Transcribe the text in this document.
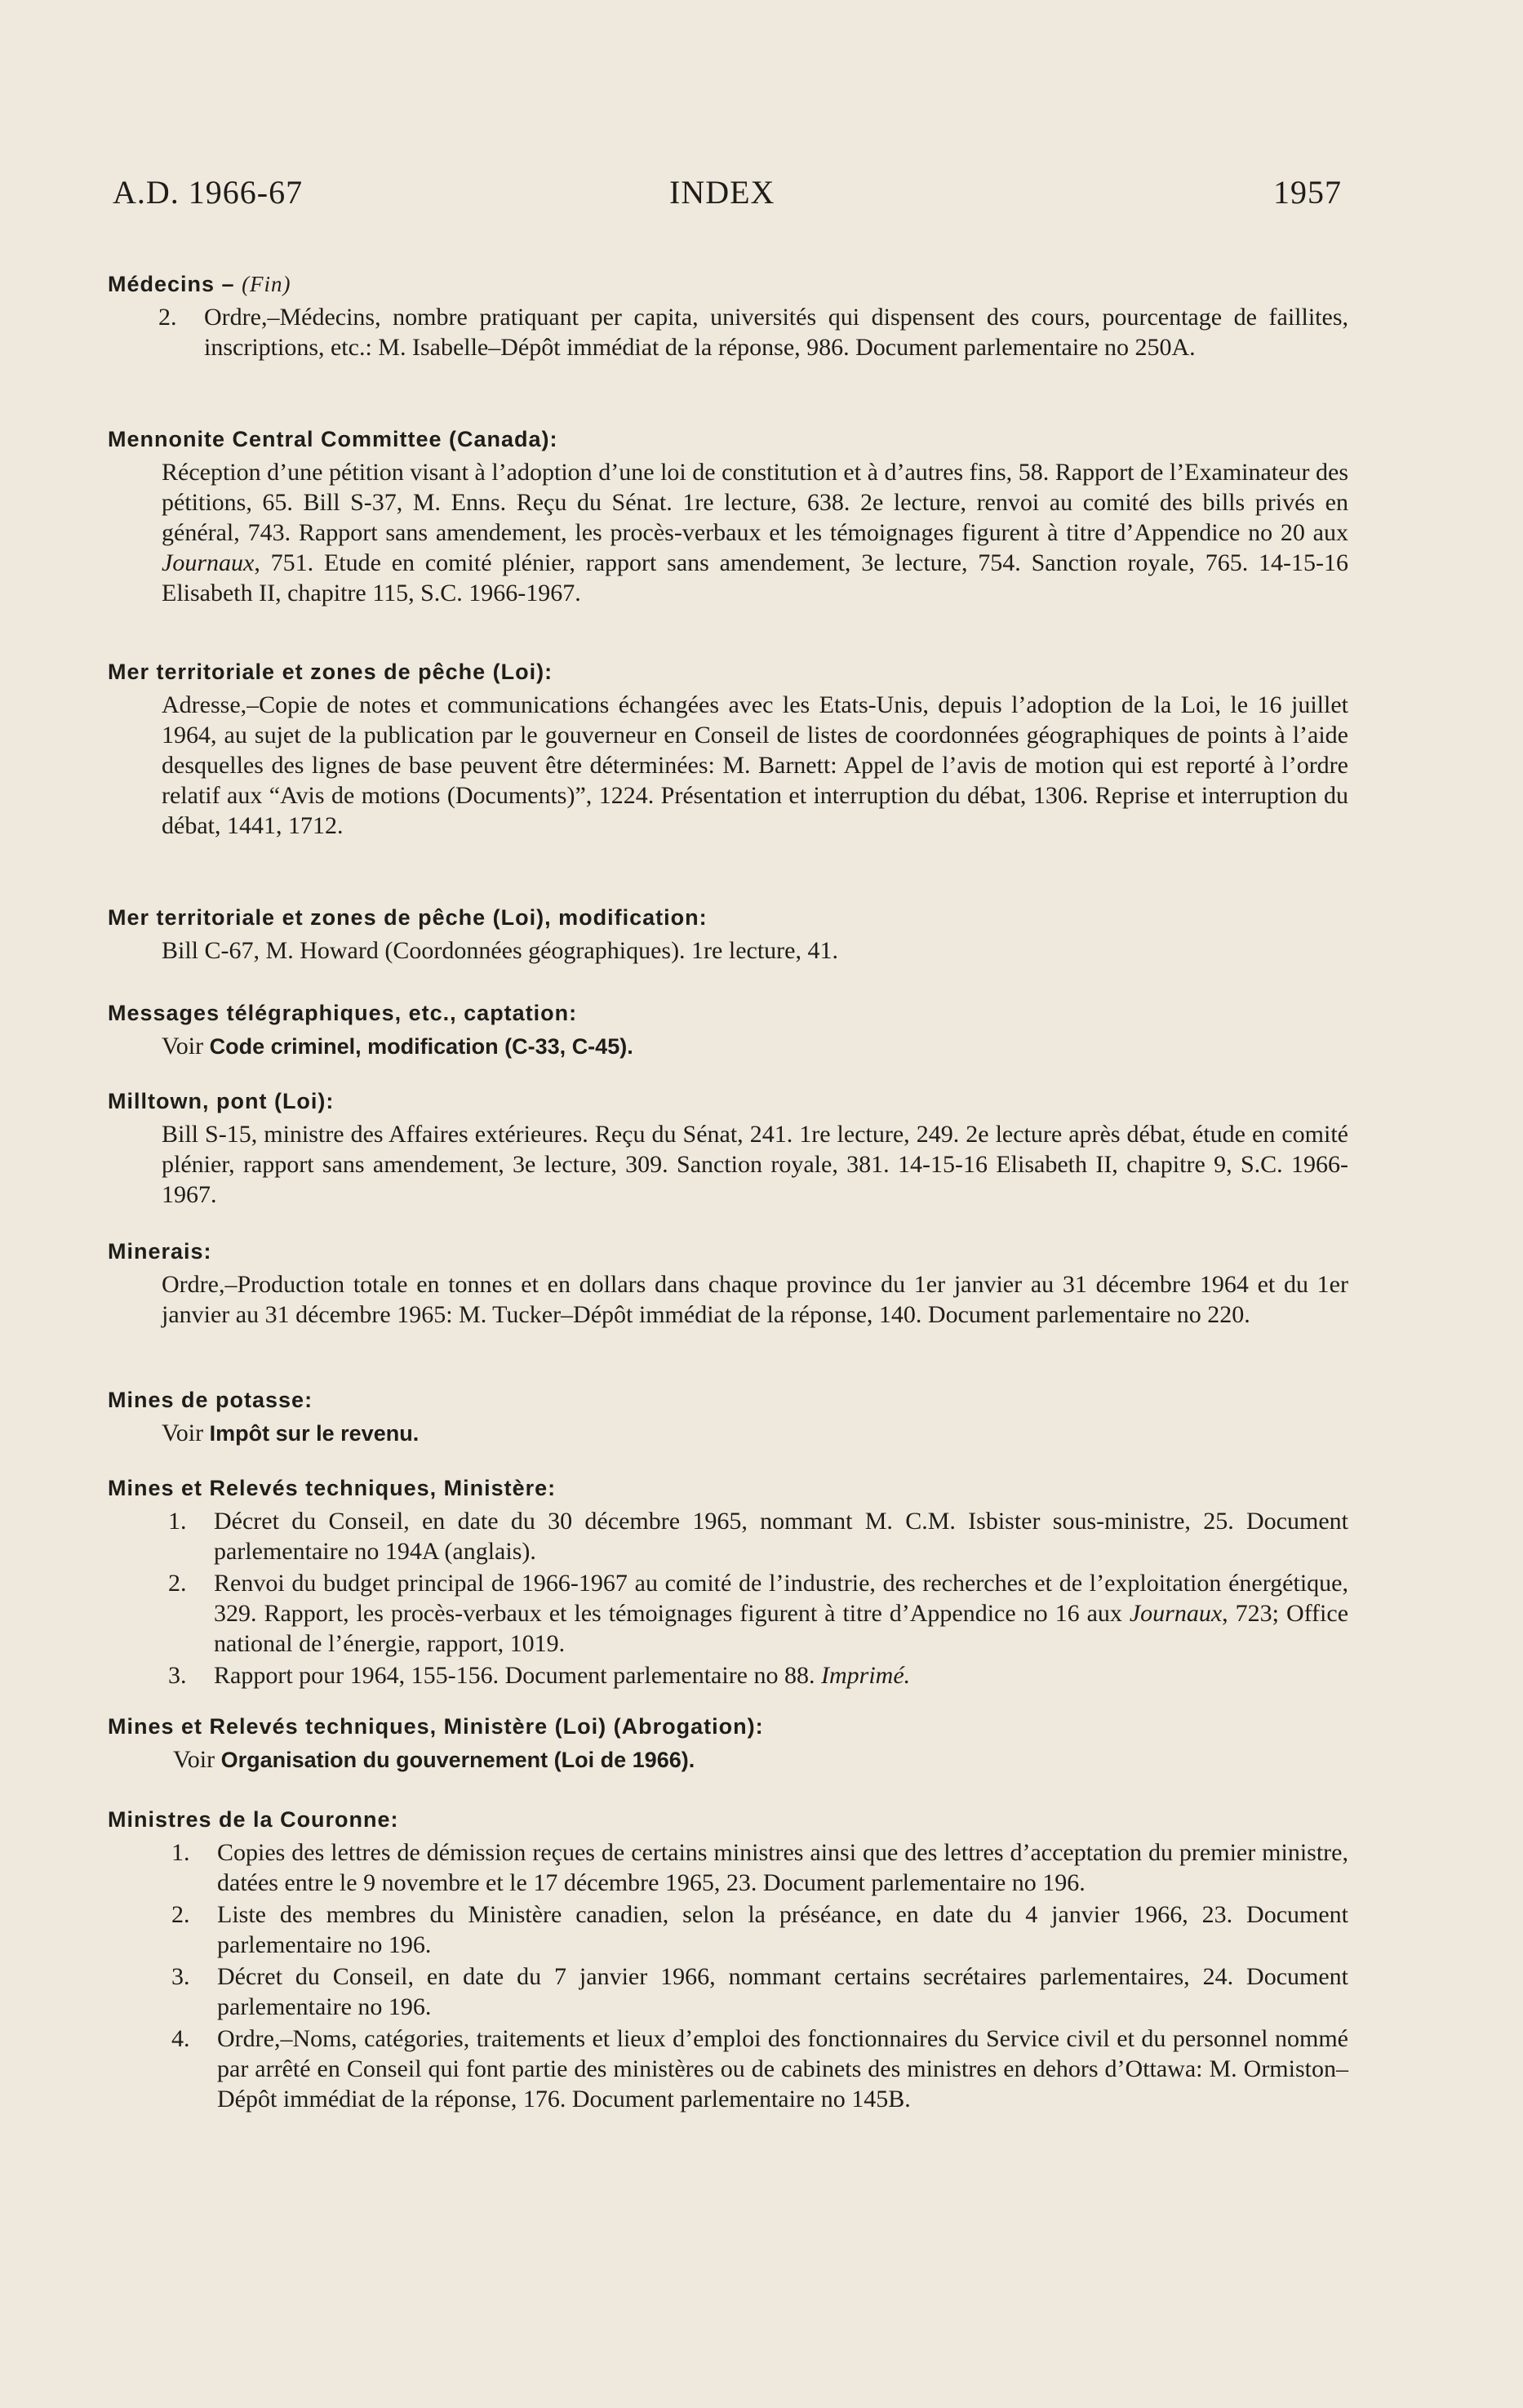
A.D. 1966-67	INDEX	1957
Médecins – (Fin)
2. Ordre,–Médecins, nombre pratiquant per capita, universités qui dispensent des cours, pourcentage de faillites, inscriptions, etc.: M. Isabelle–Dépôt immédiat de la réponse, 986. Document parlementaire no 250A.
Mennonite Central Committee (Canada):
Réception d’une pétition visant à l’adoption d’une loi de constitution et à d’autres fins, 58. Rapport de l’Examinateur des pétitions, 65. Bill S-37, M. Enns. Reçu du Sénat. 1re lecture, 638. 2e lecture, renvoi au comité des bills privés en général, 743. Rapport sans amendement, les procès-verbaux et les témoignages figurent à titre d’Appendice no 20 aux Journaux, 751. Etude en comité plénier, rapport sans amendement, 3e lecture, 754. Sanction royale, 765. 14-15-16 Elisabeth II, chapitre 115, S.C. 1966-1967.
Mer territoriale et zones de pêche (Loi):
Adresse,–Copie de notes et communications échangées avec les Etats-Unis, depuis l’adoption de la Loi, le 16 juillet 1964, au sujet de la publication par le gouverneur en Conseil de listes de coordonnées géographiques de points à l’aide desquelles des lignes de base peuvent être déterminées: M. Barnett: Appel de l’avis de motion qui est reporté à l’ordre relatif aux “Avis de motions (Documents)”, 1224. Présentation et interruption du débat, 1306. Reprise et interruption du débat, 1441, 1712.
Mer territoriale et zones de pêche (Loi), modification:
Bill C-67, M. Howard (Coordonnées géographiques). 1re lecture, 41.
Messages télégraphiques, etc., captation:
Voir Code criminel, modification (C-33, C-45).
Milltown, pont (Loi):
Bill S-15, ministre des Affaires extérieures. Reçu du Sénat, 241. 1re lecture, 249. 2e lecture après débat, étude en comité plénier, rapport sans amendement, 3e lecture, 309. Sanction royale, 381. 14-15-16 Elisabeth II, chapitre 9, S.C. 1966-1967.
Minerais:
Ordre,–Production totale en tonnes et en dollars dans chaque province du 1er janvier au 31 décembre 1964 et du 1er janvier au 31 décembre 1965: M. Tucker–Dépôt immédiat de la réponse, 140. Document parlementaire no 220.
Mines de potasse:
Voir Impôt sur le revenu.
Mines et Relevés techniques, Ministère:
1. Décret du Conseil, en date du 30 décembre 1965, nommant M. C.M. Isbister sous-ministre, 25. Document parlementaire no 194A (anglais).
2. Renvoi du budget principal de 1966-1967 au comité de l’industrie, des recherches et de l’exploitation énergétique, 329. Rapport, les procès-verbaux et les témoignages figurent à titre d’Appendice no 16 aux Journaux, 723; Office national de l’énergie, rapport, 1019.
3. Rapport pour 1964, 155-156. Document parlementaire no 88. Imprimé.
Mines et Relevés techniques, Ministère (Loi) (Abrogation):
Voir Organisation du gouvernement (Loi de 1966).
Ministres de la Couronne:
1. Copies des lettres de démission reçues de certains ministres ainsi que des lettres d’acceptation du premier ministre, datées entre le 9 novembre et le 17 décembre 1965, 23. Document parlementaire no 196.
2. Liste des membres du Ministère canadien, selon la préséance, en date du 4 janvier 1966, 23. Document parlementaire no 196.
3. Décret du Conseil, en date du 7 janvier 1966, nommant certains secrétaires parlementaires, 24. Document parlementaire no 196.
4. Ordre,–Noms, catégories, traitements et lieux d’emploi des fonctionnaires du Service civil et du personnel nommé par arrêté en Conseil qui font partie des ministères ou de cabinets des ministres en dehors d’Ottawa: M. Ormiston–Dépôt immédiat de la réponse, 176. Document parlementaire no 145B.
